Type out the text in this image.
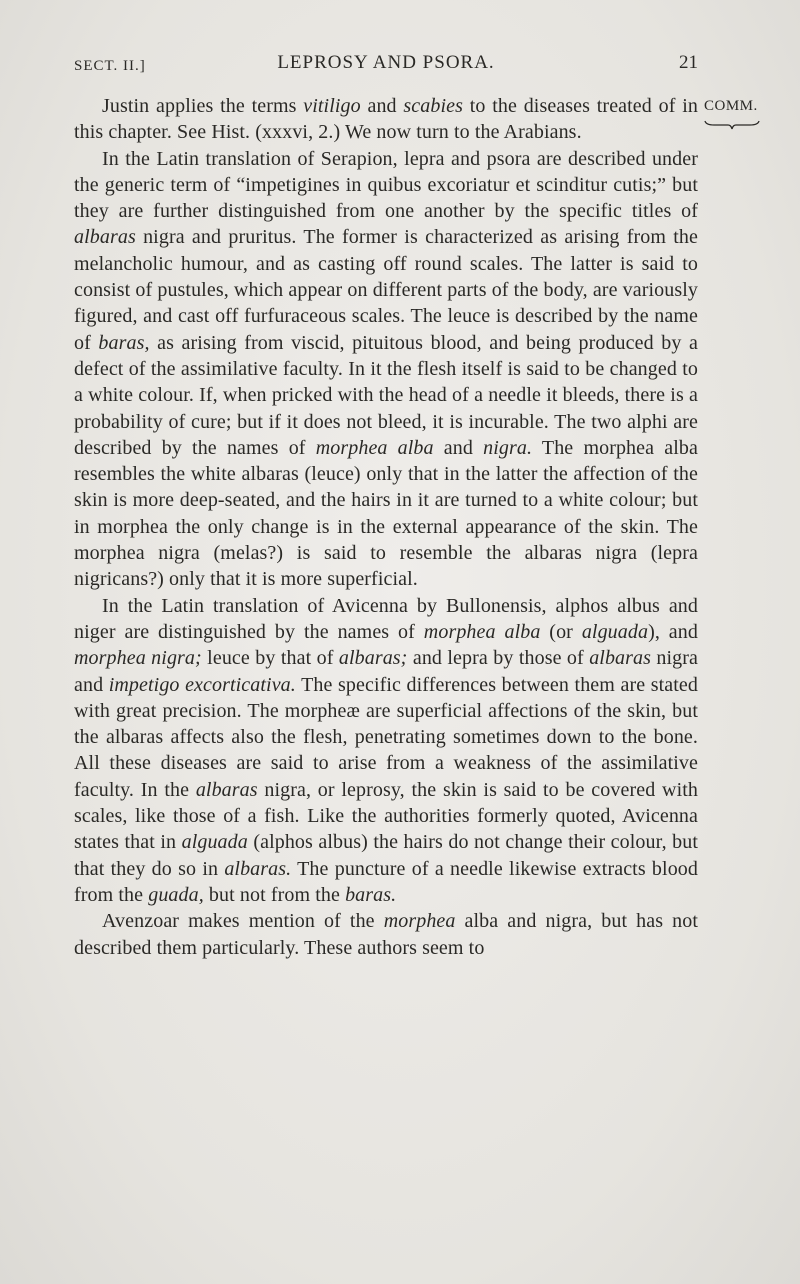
SECT. II.]	LEPROSY AND PSORA.	21
COMM.

Justin applies the terms vitiligo and scabies to the diseases treated of in this chapter. See Hist. (xxxvi, 2.) We now turn to the Arabians.

In the Latin translation of Serapion, lepra and psora are described under the generic term of “impetigines in quibus excoriatur et scinditur cutis;” but they are further distinguished from one another by the specific titles of albaras nigra and pruritus. The former is characterized as arising from the melancholic humour, and as casting off round scales. The latter is said to consist of pustules, which appear on different parts of the body, are variously figured, and cast off furfuraceous scales. The leuce is described by the name of baras, as arising from viscid, pituitous blood, and being produced by a defect of the assimilative faculty. In it the flesh itself is said to be changed to a white colour. If, when pricked with the head of a needle it bleeds, there is a probability of cure; but if it does not bleed, it is incurable. The two alphi are described by the names of morphea alba and nigra. The morphea alba resembles the white albaras (leuce) only that in the latter the affection of the skin is more deep-seated, and the hairs in it are turned to a white colour; but in morphea the only change is in the external appearance of the skin. The morphea nigra (melas?) is said to resemble the albaras nigra (lepra nigricans?) only that it is more superficial.

In the Latin translation of Avicenna by Bullonensis, alphos albus and niger are distinguished by the names of morphea alba (or alguada), and morphea nigra; leuce by that of albaras; and lepra by those of albaras nigra and impetigo excorticativa. The specific differences between them are stated with great precision. The morpheæ are superficial affections of the skin, but the albaras affects also the flesh, penetrating sometimes down to the bone. All these diseases are said to arise from a weakness of the assimilative faculty. In the albaras nigra, or leprosy, the skin is said to be covered with scales, like those of a fish. Like the authorities formerly quoted, Avicenna states that in alguada (alphos albus) the hairs do not change their colour, but that they do so in albaras. The puncture of a needle likewise extracts blood from the guada, but not from the baras.

Avenzoar makes mention of the morphea alba and nigra, but has not described them particularly. These authors seem to
